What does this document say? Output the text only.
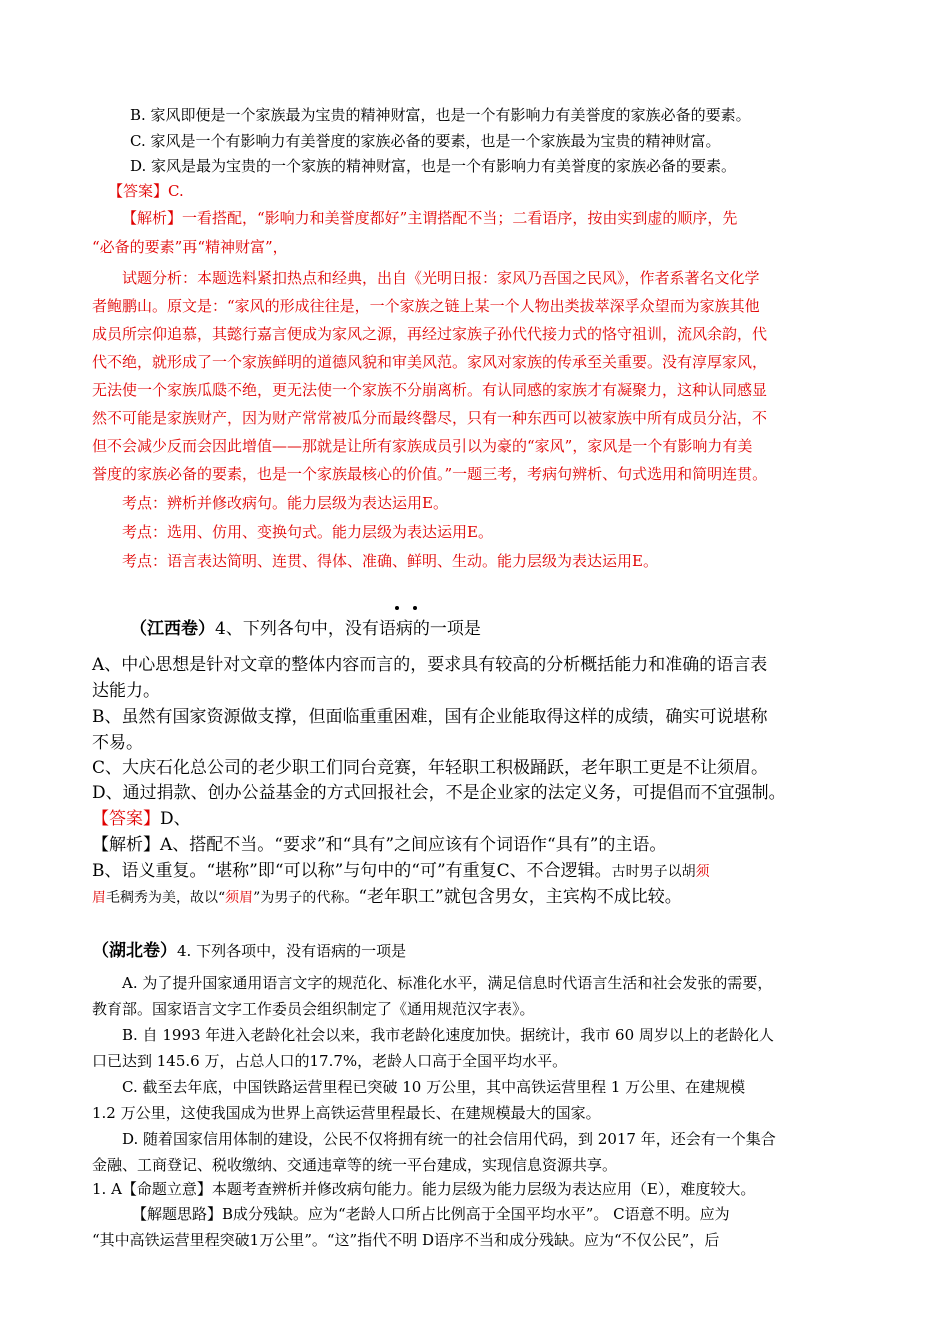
B. 家风即便是一个家族最为宝贵的精神财富，也是一个有影响力有美誉度的家族必备的要素。
C. 家风是一个有影响力有美誉度的家族必备的要素，也是一个家族最为宝贵的精神财富。
D. 家风是最为宝贵的一个家族的精神财富，也是一个有影响力有美誉度的家族必备的要素。
【答案】C.
【解析】一看搭配，“影响力和美誉度都好”主谓搭配不当；二看语序，按由实到虚的顺序，先
“必备的要素”再“精神财富”，
试题分析：本题选料紧扣热点和经典，出自《光明日报：家风乃吾国之民风》，作者系著名文化学
者鲍鹏山。原文是：“家风的形成往往是，一个家族之链上某一个人物出类拔萃深孚众望而为家族其他
成员所宗仰追慕，其懿行嘉言便成为家风之源，再经过家族子孙代代接力式的恪守祖训，流风余韵，代
代不绝，就形成了一个家族鲜明的道德风貌和审美风范。家风对家族的传承至关重要。没有淳厚家风，
无法使一个家族瓜瓞不绝，更无法使一个家族不分崩离析。有认同感的家族才有凝聚力，这种认同感显
然不可能是家族财产，因为财产常常被瓜分而最终罄尽，只有一种东西可以被家族中所有成员分沾，不
但不会减少反而会因此增值——那就是让所有家族成员引以为豪的“家风”，家风是一个有影响力有美
誉度的家族必备的要素，也是一个家族最核心的价值。”一题三考，考病句辨析、句式选用和简明连贯。
考点：辨析并修改病句。能力层级为表达运用E。
考点：选用、仿用、变换句式。能力层级为表达运用E。
考点：语言表达简明、连贯、得体、准确、鲜明、生动。能力层级为表达运用E。
（江西卷）4、下列各句中，没有语病的一项是
A、中心思想是针对文章的整体内容而言的，要求具有较高的分析概括能力和准确的语言表
达能力。
B、虽然有国家资源做支撑，但面临重重困难，国有企业能取得这样的成绩，确实可说堪称
不易。
C、大庆石化总公司的老少职工们同台竞赛，年轻职工积极踊跃，老年职工更是不让须眉。
D、通过捐款、创办公益基金的方式回报社会，不是企业家的法定义务，可提倡而不宜强制。
【答案】D、
【解析】A、搭配不当。“要求”和“具有”之间应该有个词语作“具有”的主语。
B、语义重复。“堪称”即“可以称”与句中的“可”有重复C、不合逻辑。古时男子以胡须
眉毛稠秀为美，故以“须眉”为男子的代称。“老年职工”就包含男女，主宾构不成比较。
（湖北卷）4. 下列各项中，没有语病的一项是
A. 为了提升国家通用语言文字的规范化、标准化水平，满足信息时代语言生活和社会发张的需要，
教育部。国家语言文字工作委员会组织制定了《通用规范汉字表》。
B. 自 1993 年进入老龄化社会以来，我市老龄化速度加快。据统计，我市 60 周岁以上的老龄化人
口已达到 145.6 万，占总人口的17.7%，老龄人口高于全国平均水平。
C. 截至去年底，中国铁路运营里程已突破 10 万公里，其中高铁运营里程 1 万公里、在建规模
1.2 万公里，这使我国成为世界上高铁运营里程最长、在建规模最大的国家。
D. 随着国家信用体制的建设，公民不仅将拥有统一的社会信用代码，到 2017 年，还会有一个集合
金融、工商登记、税收缴纳、交通违章等的统一平台建成，实现信息资源共享。
1. A【命题立意】本题考查辨析并修改病句能力。能力层级为能力层级为表达应用（E），难度较大。
【解题思路】B成分残缺。应为“老龄人口所占比例高于全国平均水平”。 C语意不明。应为
“其中高铁运营里程突破1万公里”。“这”指代不明 D语序不当和成分残缺。应为“不仅公民”，后
